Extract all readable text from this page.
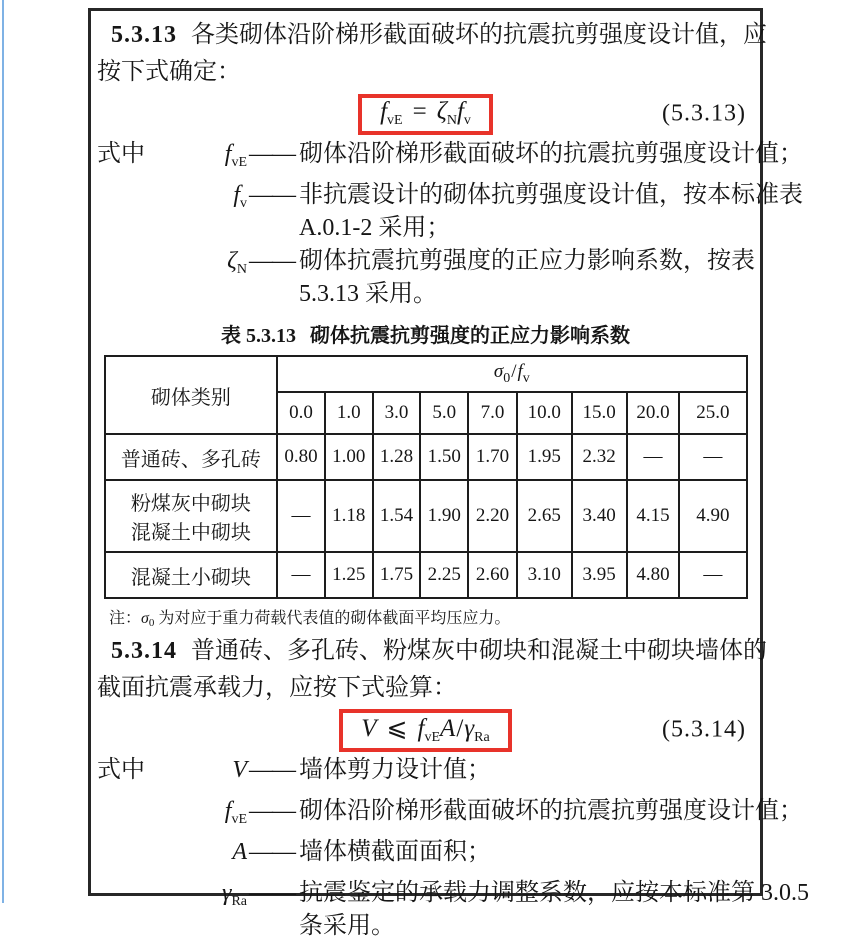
5.3.13 各类砌体沿阶梯形截面破坏的抗震抗剪强度设计值，应
按下式确定：
$f_{vE} = \zeta_Nf_v$	(5.3.13)
式中	$f_{vE}$ —— 砌体沿阶梯形截面破坏的抗震抗剪强度设计值；
$f_v$ —— 非抗震设计的砌体抗剪强度设计值，按本标准表
A.0.1-2 采用；
$\zeta_N$ —— 砌体抗震抗剪强度的正应力影响系数，按表
5.3.13 采用。
表 5.3.13 砌体抗震抗剪强度的正应力影响系数
砌体类别	$\sigma_0/f_v$
	0.0	1.0	3.0	5.0	7.0	10.0	15.0	20.0	25.0

普通砖、多孔砖	0.80	1.00	1.28	1.50	1.70	1.95	2.32	—	—

粉煤灰中砌块
混凝土中砌块	—	1.18	1.54	1.90	2.20	2.65	3.40	4.15	4.90

混凝土小砌块	—	1.25	1.75	2.25	2.60	3.10	3.95	4.80	—
注：σ0 为对应于重力荷载代表值的砌体截面平均压应力。
5.3.14 普通砖、多孔砖、粉煤灰中砌块和混凝土中砌块墙体的
截面抗震承载力，应按下式验算：
V ⩽ $f_{vE}A/\gamma_{Ra}$	(5.3.14)
式中	V —— 墙体剪力设计值；
$f_{vE}$ —— 砌体沿阶梯形截面破坏的抗震抗剪强度设计值；
A —— 墙体横截面面积；
$\gamma_{Ra}$ —— 抗震鉴定的承载力调整系数，应按本标准第 3.0.5
条采用。
